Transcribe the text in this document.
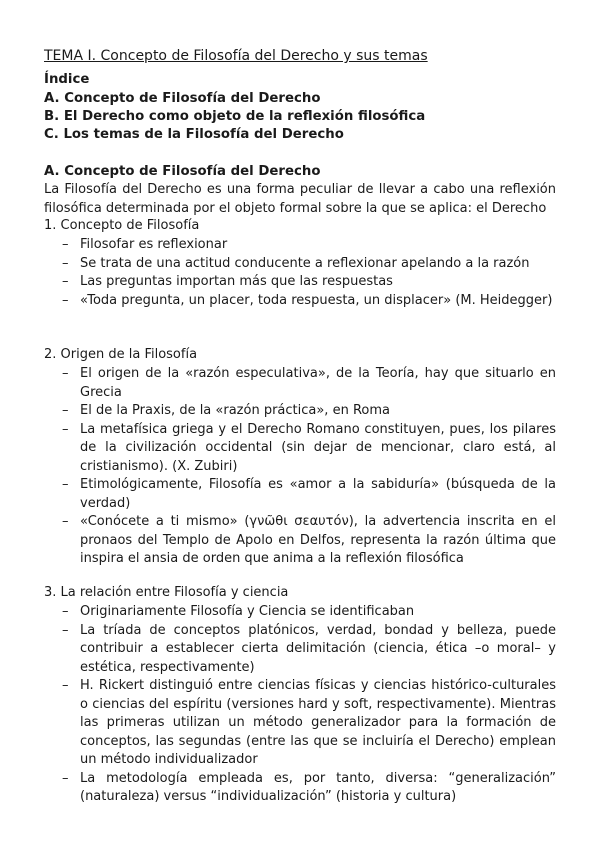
TEMA I. Concepto de Filosofía del Derecho y sus temas
Índice
A. Concepto de Filosofía del Derecho
B. El Derecho como objeto de la reflexión filosófica
C. Los temas de la Filosofía del Derecho
A. Concepto de Filosofía del Derecho
La Filosofía del Derecho es una forma peculiar de llevar a cabo una reflexión filosófica determinada por el objeto formal sobre la que se aplica: el Derecho
1. Concepto de Filosofía
– Filosofar es reflexionar
– Se trata de una actitud conducente a reflexionar apelando a la razón
– Las preguntas importan más que las respuestas
– «Toda pregunta, un placer, toda respuesta, un displacer» (M. Heidegger)
2. Origen de la Filosofía
– El origen de la «razón especulativa», de la Teoría, hay que situarlo en Grecia
– El de la Praxis, de la «razón práctica», en Roma
– La metafísica griega y el Derecho Romano constituyen, pues, los pilares de la civilización occidental (sin dejar de mencionar, claro está, al cristianismo). (X. Zubiri)
– Etimológicamente, Filosofía es «amor a la sabiduría» (búsqueda de la verdad)
– «Conócete a ti mismo» (γνῶθι σεαυτόν), la advertencia inscrita en el pronaos del Templo de Apolo en Delfos, representa la razón última que inspira el ansia de orden que anima a la reflexión filosófica
3. La relación entre Filosofía y ciencia
– Originariamente Filosofía y Ciencia se identificaban
– La tríada de conceptos platónicos, verdad, bondad y belleza, puede contribuir a establecer cierta delimitación (ciencia, ética –o moral– y estética, respectivamente)
– H. Rickert distinguió entre ciencias físicas y ciencias histórico-culturales o ciencias del espíritu (versiones hard y soft, respectivamente). Mientras las primeras utilizan un método generalizador para la formación de conceptos, las segundas (entre las que se incluiría el Derecho) emplean un método individualizador
– La metodología empleada es, por tanto, diversa: “generalización” (naturaleza) versus “individualización” (historia y cultura)
